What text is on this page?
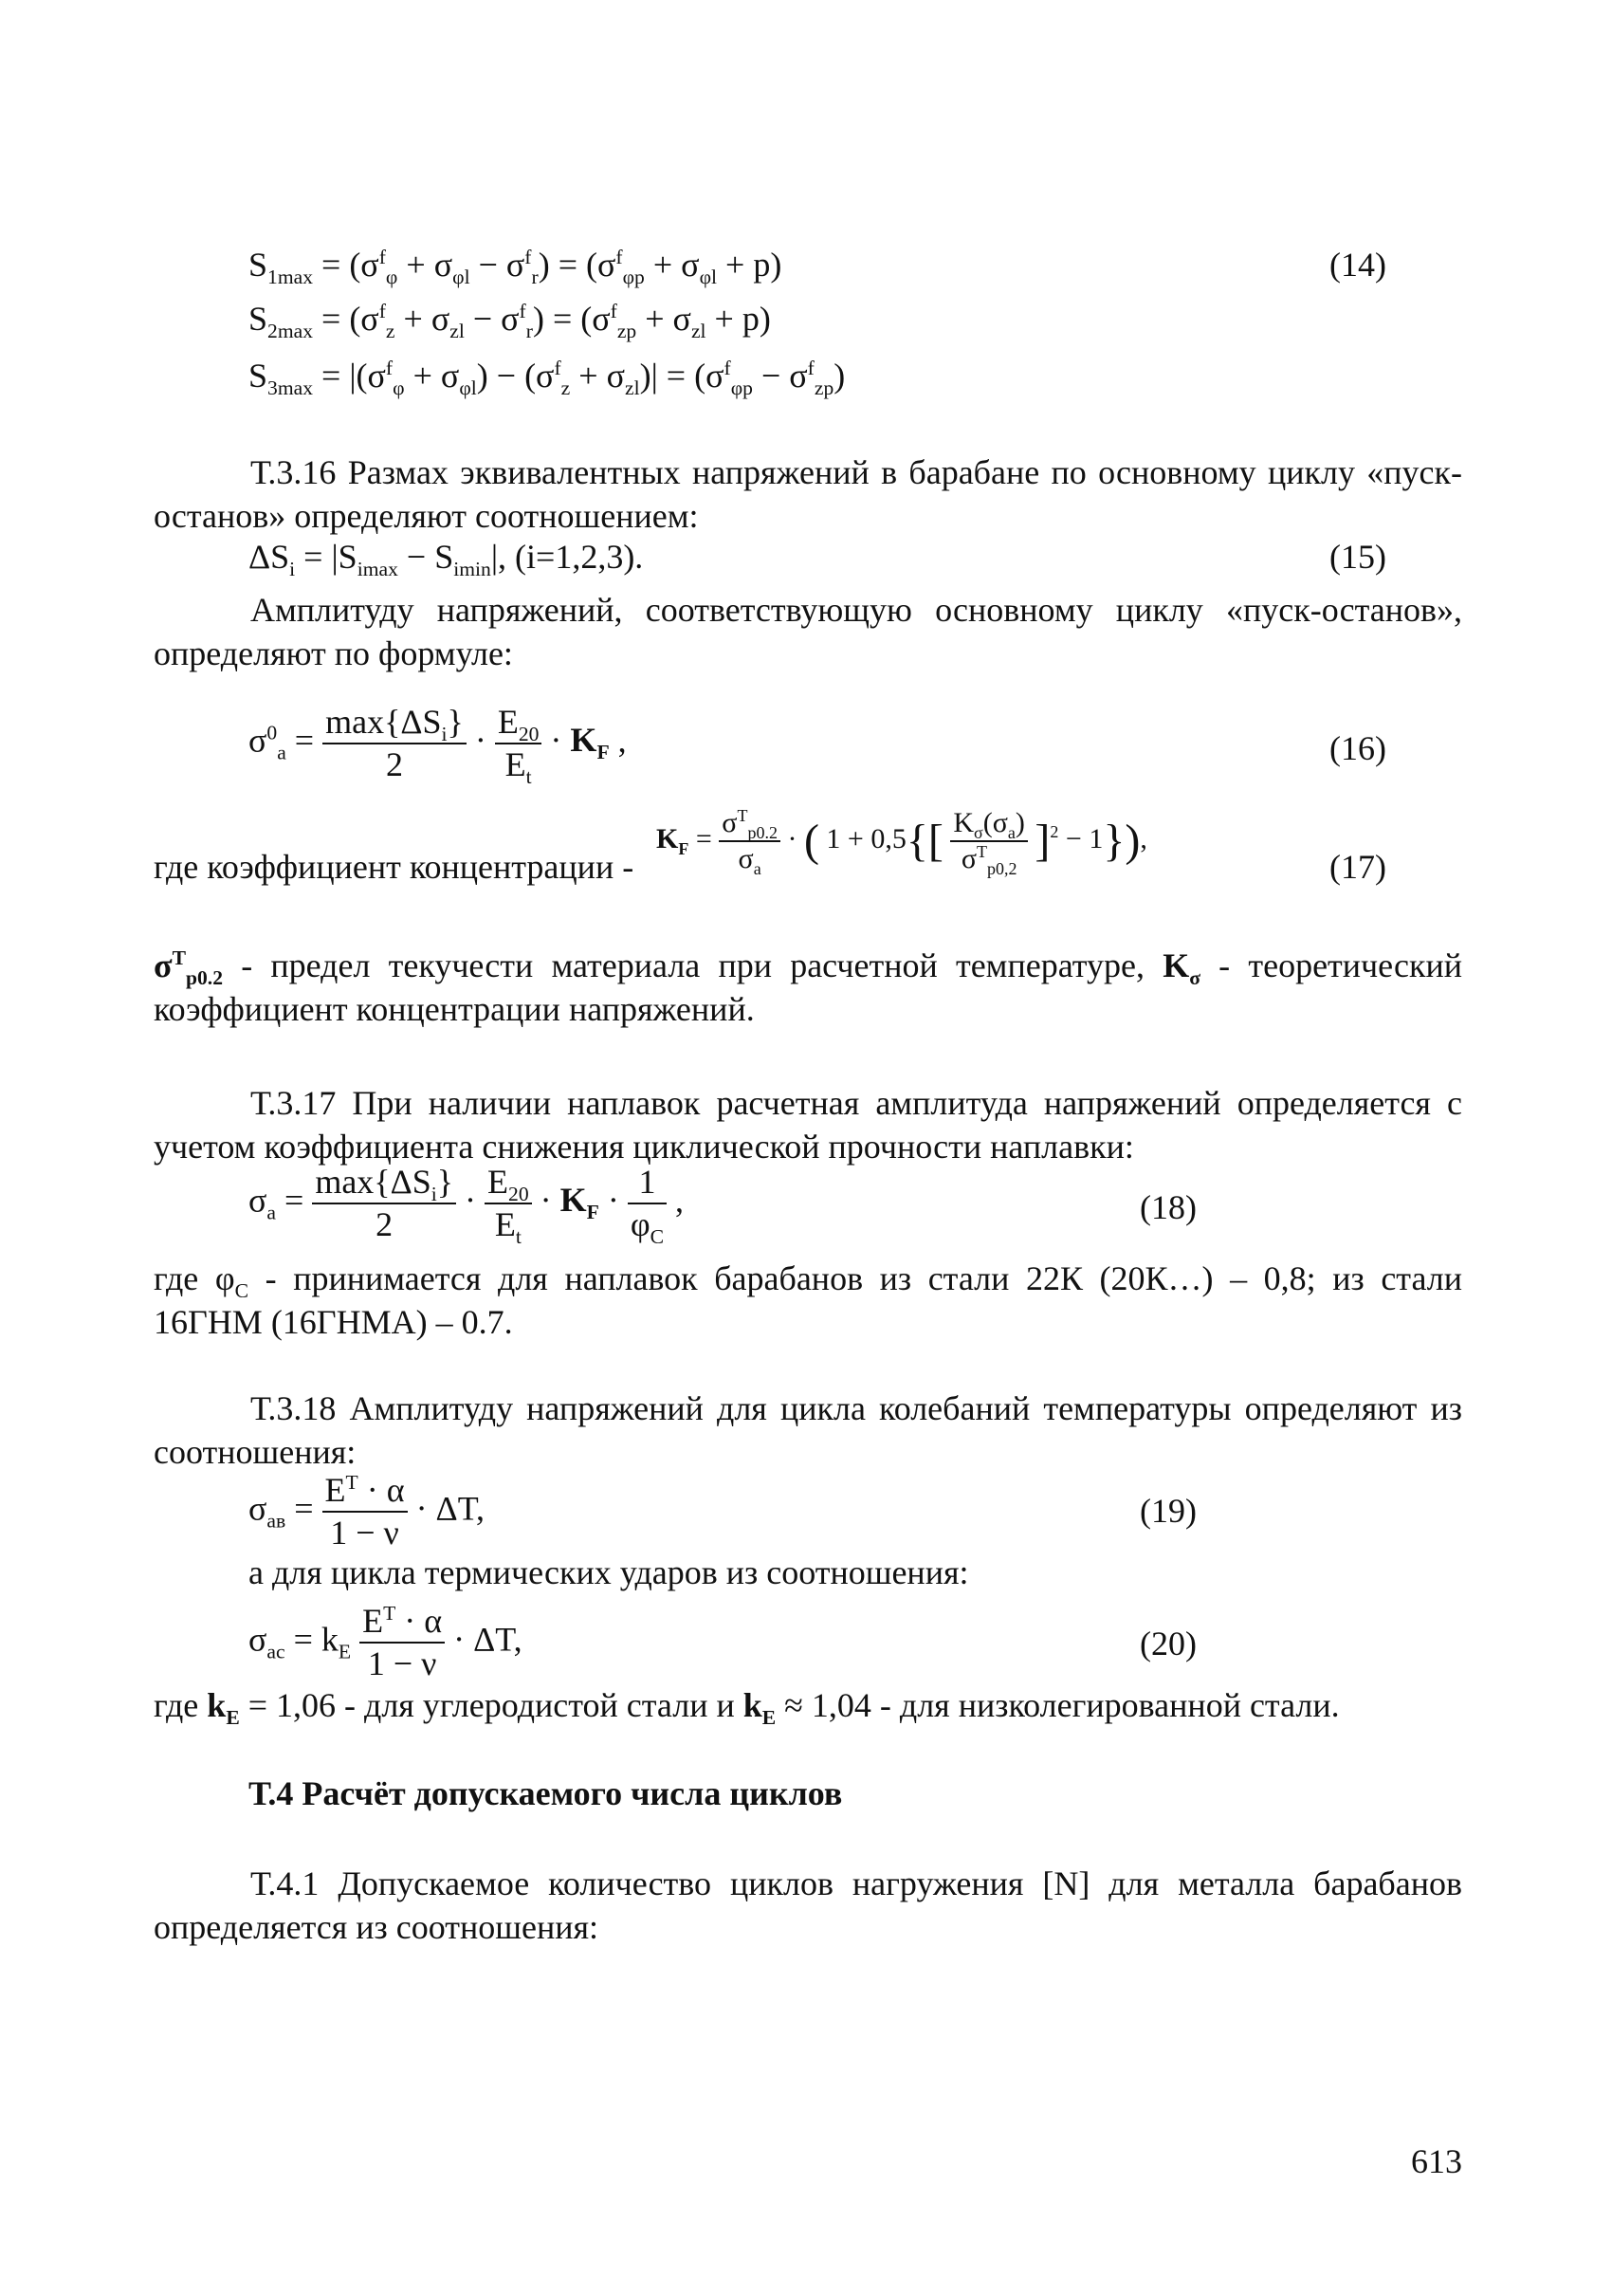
$S_{1max} = (\sigma^f_\varphi + \sigma_{\varphi l} - \sigma^f_r) = (\sigma^f_{\varphi p} + \sigma_{\varphi l} + p)$	(14)
$S_{2max} = (\sigma^f_z + \sigma_{zl} - \sigma^f_r) = (\sigma^f_{zp} + \sigma_{zl} + p)$
$S_{3max} = |(\sigma^f_\varphi + \sigma_{\varphi l}) - (\sigma^f_z + \sigma_{zl})| = (\sigma^f_{\varphi p} - \sigma^f_{zp})$

Т.3.16 Размах эквивалентных напряжений в барабане по основному циклу «пуск-останов» определяют соотношением:

$\Delta S_i = |S_{imax} - S_{imin}|$, (i=1,2,3).	(15)

Амплитуду напряжений, соответствующую основному циклу «пуск-останов», определяют по формуле:

$\sigma^0_a = \frac{\max\{\Delta S_i\}}{2} \cdot \frac{E_{20}}{E_t} \cdot K_F$ ,	(16)
где коэффициент концентрации -
$K_F = \frac{\sigma^T_{p0.2}}{\sigma_a}$ · ( $1 + 0,5\{[ \frac{K_\sigma(\sigma_a)}{\sigma^T_{p0,2}} ]^2 - 1\}$),
(17)

$\sigma^T_{p0.2}$ - предел текучести материала при расчетной температуре, $K_\sigma$ - теоретический коэффициент концентрации напряжений.

Т.3.17 При наличии наплавок расчетная амплитуда напряжений определяется с учетом коэффициента снижения циклической прочности наплавки:

$\sigma_a = \frac{\max\{\Delta S_i\}}{2} \cdot \frac{E_{20}}{E_t} \cdot K_F \cdot \frac{1}{\varphi_C}$ ,	(18)

где $\varphi_C$ - принимается для наплавок барабанов из стали 22К (20К…) – 0,8; из стали 16ГНМ (16ГНМА) – 0.7.

Т.3.18 Амплитуду напряжений для цикла колебаний температуры определяют из соотношения:

$\sigma_{aв} = \frac{E^T \cdot \alpha}{1 - \nu} \cdot \Delta T$,	(19)
а для цикла термических ударов из соотношения:
$\sigma_{ac} = k_E \frac{E^T \cdot \alpha}{1 - \nu} \cdot \Delta T$,	(20)

где $k_E = 1,06$ - для углеродистой стали и $k_E \approx 1,04$ - для низколегированной стали.

Т.4 Расчёт допускаемого числа циклов

Т.4.1 Допускаемое количество циклов нагружения [N] для металла барабанов определяется из соотношения:

613
